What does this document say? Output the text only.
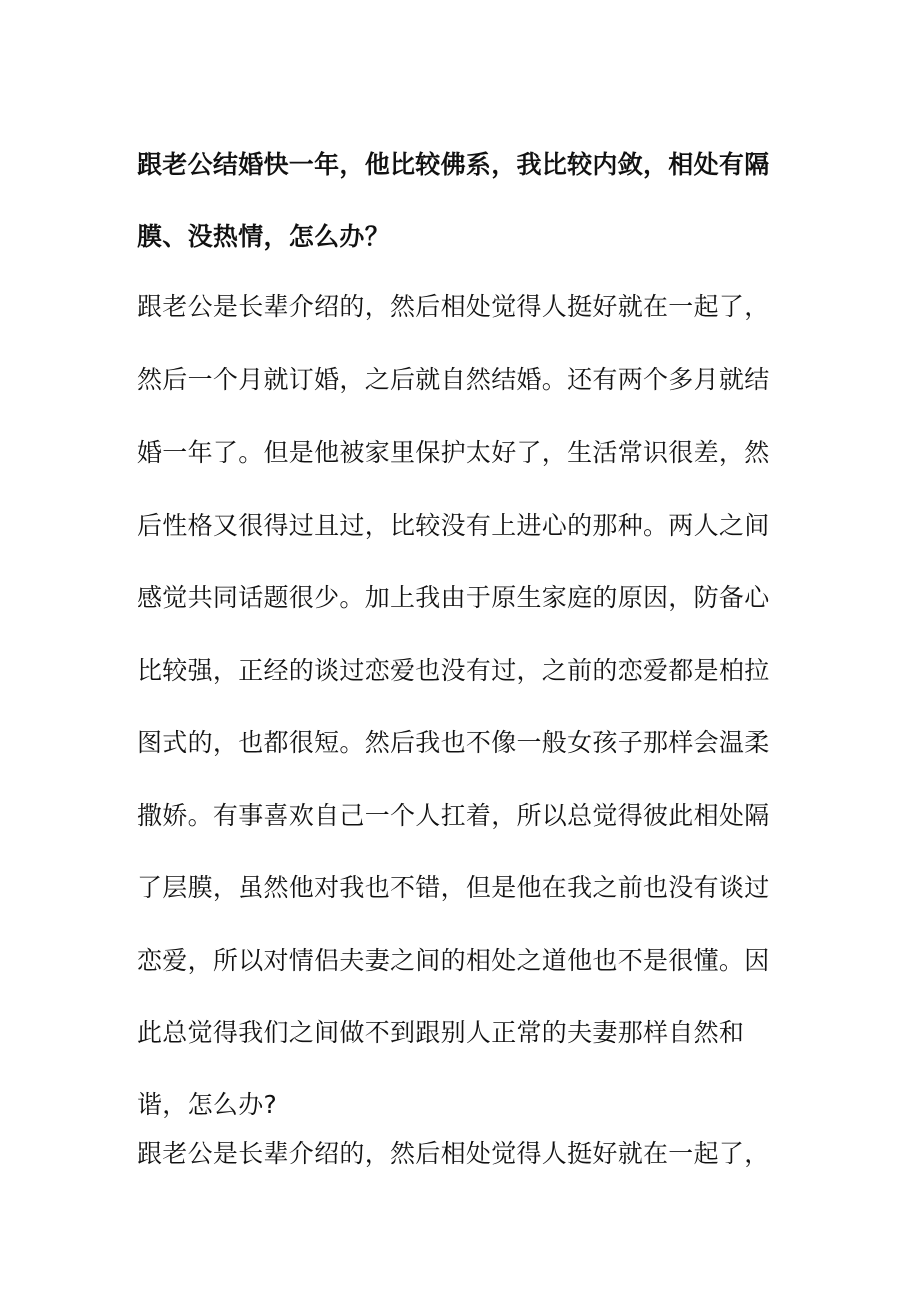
跟老公结婚快一年，他比较佛系，我比较内敛，相处有隔
膜、没热情，怎么办？
跟老公是长辈介绍的，然后相处觉得人挺好就在一起了，
然后一个月就订婚，之后就自然结婚。还有两个多月就结
婚一年了。但是他被家里保护太好了，生活常识很差，然
后性格又很得过且过，比较没有上进心的那种。两人之间
感觉共同话题很少。加上我由于原生家庭的原因，防备心
比较强，正经的谈过恋爱也没有过，之前的恋爱都是柏拉
图式的，也都很短。然后我也不像一般女孩子那样会温柔
撒娇。有事喜欢自己一个人扛着，所以总觉得彼此相处隔
了层膜，虽然他对我也不错，但是他在我之前也没有谈过
恋爱，所以对情侣夫妻之间的相处之道他也不是很懂。因
此总觉得我们之间做不到跟别人正常的夫妻那样自然和
谐，怎么办?
跟老公是长辈介绍的，然后相处觉得人挺好就在一起了，
